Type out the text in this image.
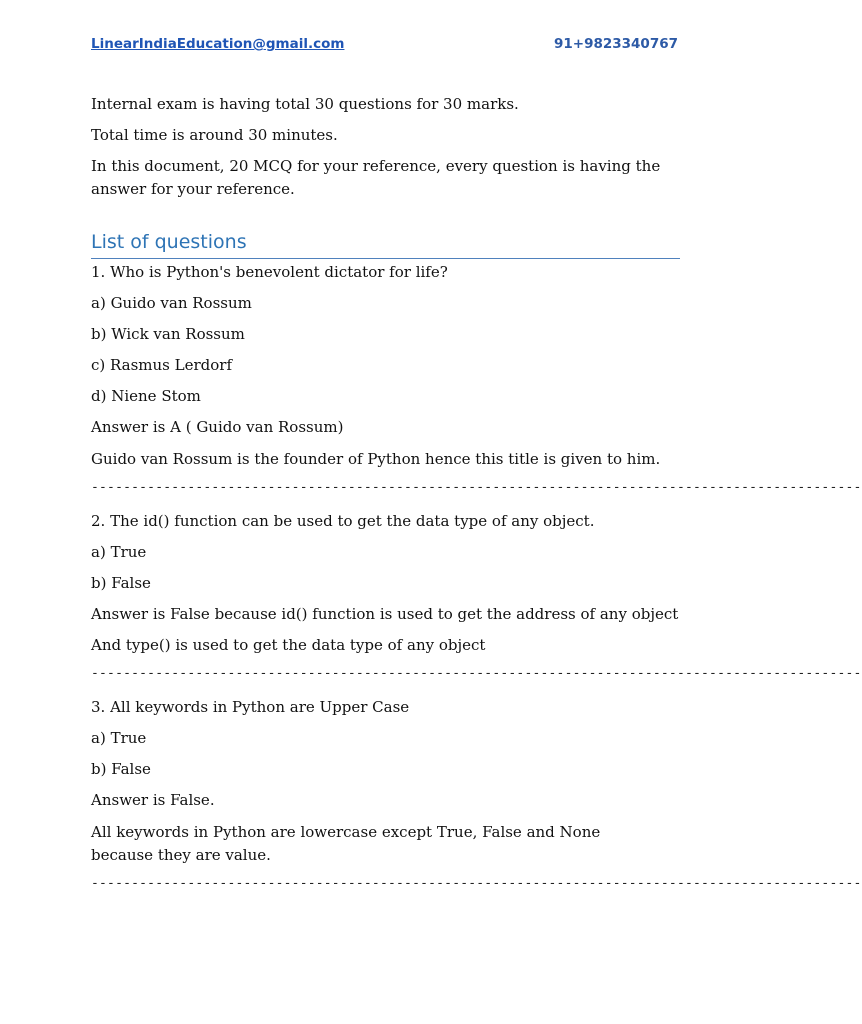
LinearIndiaEducation@gmail.com	91+9823340767
Internal exam is having total 30 questions for 30 marks.
Total time is around 30 minutes.
In this document, 20 MCQ for your reference, every question is having the answer for your reference.
List of questions
1. Who is Python's benevolent dictator for life?
a) Guido van Rossum
b) Wick van Rossum
c) Rasmus Lerdorf
d) Niene Stom
Answer is A ( Guido van Rossum)
Guido van Rossum is the founder of Python hence this title is given to him.
------------------------------------------------------------------------------------------------
2. The id() function can be used to get the data type of any object.
a) True
b) False
Answer is False because id() function is used to get the address of any object
And type() is used to get the data type of any object
------------------------------------------------------------------------------------------------
3. All keywords in Python are Upper Case
a) True
b) False
Answer is False.
All keywords in Python are lowercase except True, False and None because they are value.
------------------------------------------------------------------------------------------------
